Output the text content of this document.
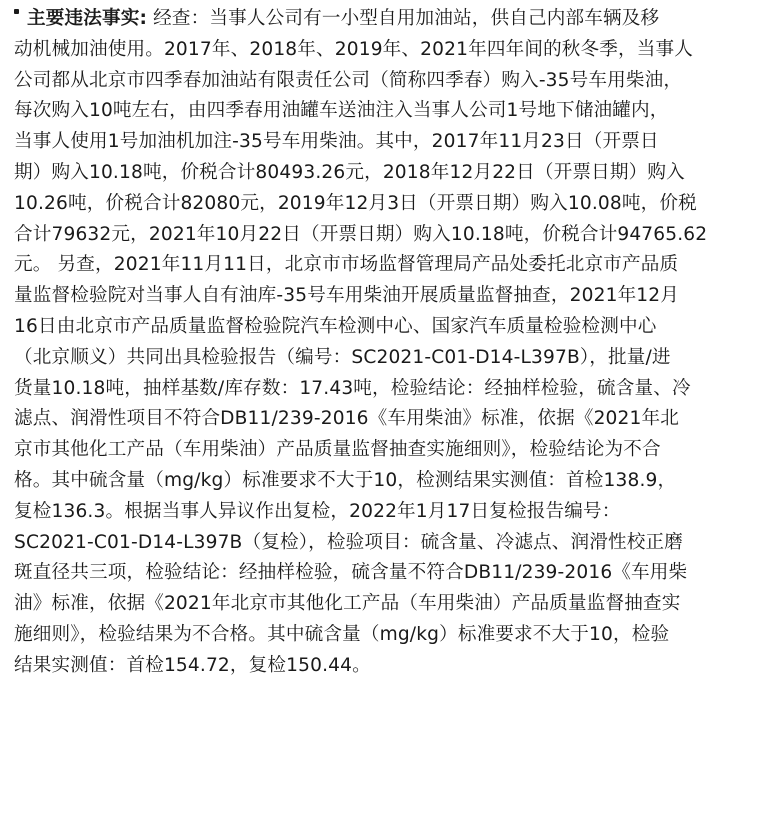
主要违法事实: 经查：当事人公司有一小型自用加油站，供自己内部车辆及移
动机械加油使用。2017年、2018年、2019年、2021年四年间的秋冬季，当事人
公司都从北京市四季春加油站有限责任公司（简称四季春）购入-35号车用柴油，
每次购入10吨左右，由四季春用油罐车送油注入当事人公司1号地下储油罐内，
当事人使用1号加油机加注-35号车用柴油。其中，2017年11月23日（开票日
期）购入10.18吨，价税合计80493.26元，2018年12月22日（开票日期）购入
10.26吨，价税合计82080元，2019年12月3日（开票日期）购入10.08吨，价税
合计79632元，2021年10月22日（开票日期）购入10.18吨，价税合计94765.62
元。 另查，2021年11月11日，北京市市场监督管理局产品处委托北京市产品质
量监督检验院对当事人自有油库-35号车用柴油开展质量监督抽查，2021年12月
16日由北京市产品质量监督检验院汽车检测中心、国家汽车质量检验检测中心
（北京顺义）共同出具检验报告（编号：SC2021-C01-D14-L397B），批量/进
货量10.18吨，抽样基数/库存数：17.43吨，检验结论：经抽样检验，硫含量、冷
滤点、润滑性项目不符合DB11/239-2016《车用柴油》标准，依据《2021年北
京市其他化工产品（车用柴油）产品质量监督抽查实施细则》，检验结论为不合
格。其中硫含量（mg/kg）标准要求不大于10，检测结果实测值：首检138.9，
复检136.3。根据当事人异议作出复检，2022年1月17日复检报告编号：
SC2021-C01-D14-L397B（复检），检验项目：硫含量、冷滤点、润滑性校正磨
斑直径共三项，检验结论：经抽样检验，硫含量不符合DB11/239-2016《车用柴
油》标准，依据《2021年北京市其他化工产品（车用柴油）产品质量监督抽查实
施细则》，检验结果为不合格。其中硫含量（mg/kg）标准要求不大于10，检验
结果实测值：首检154.72，复检150.44。
